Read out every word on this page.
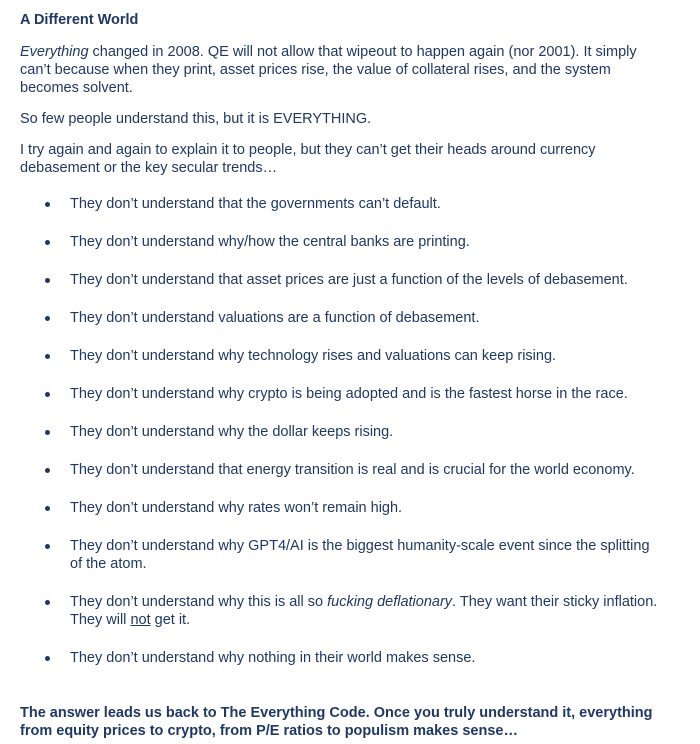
A Different World

Everything changed in 2008. QE will not allow that wipeout to happen again (nor 2001). It simply can’t because when they print, asset prices rise, the value of collateral rises, and the system becomes solvent.

So few people understand this, but it is EVERYTHING.

I try again and again to explain it to people, but they can’t get their heads around currency debasement or the key secular trends…

They don’t understand that the governments can’t default.
They don’t understand why/how the central banks are printing.
They don’t understand that asset prices are just a function of the levels of debasement.
They don’t understand valuations are a function of debasement.
They don’t understand why technology rises and valuations can keep rising.
They don’t understand why crypto is being adopted and is the fastest horse in the race.
They don’t understand why the dollar keeps rising.
They don’t understand that energy transition is real and is crucial for the world economy.
They don’t understand why rates won’t remain high.
They don’t understand why GPT4/AI is the biggest humanity-scale event since the splitting of the atom.
They don’t understand why this is all so fucking deflationary. They want their sticky inflation. They will not get it.
They don’t understand why nothing in their world makes sense.

The answer leads us back to The Everything Code. Once you truly understand it, everything from equity prices to crypto, from P/E ratios to populism makes sense…
